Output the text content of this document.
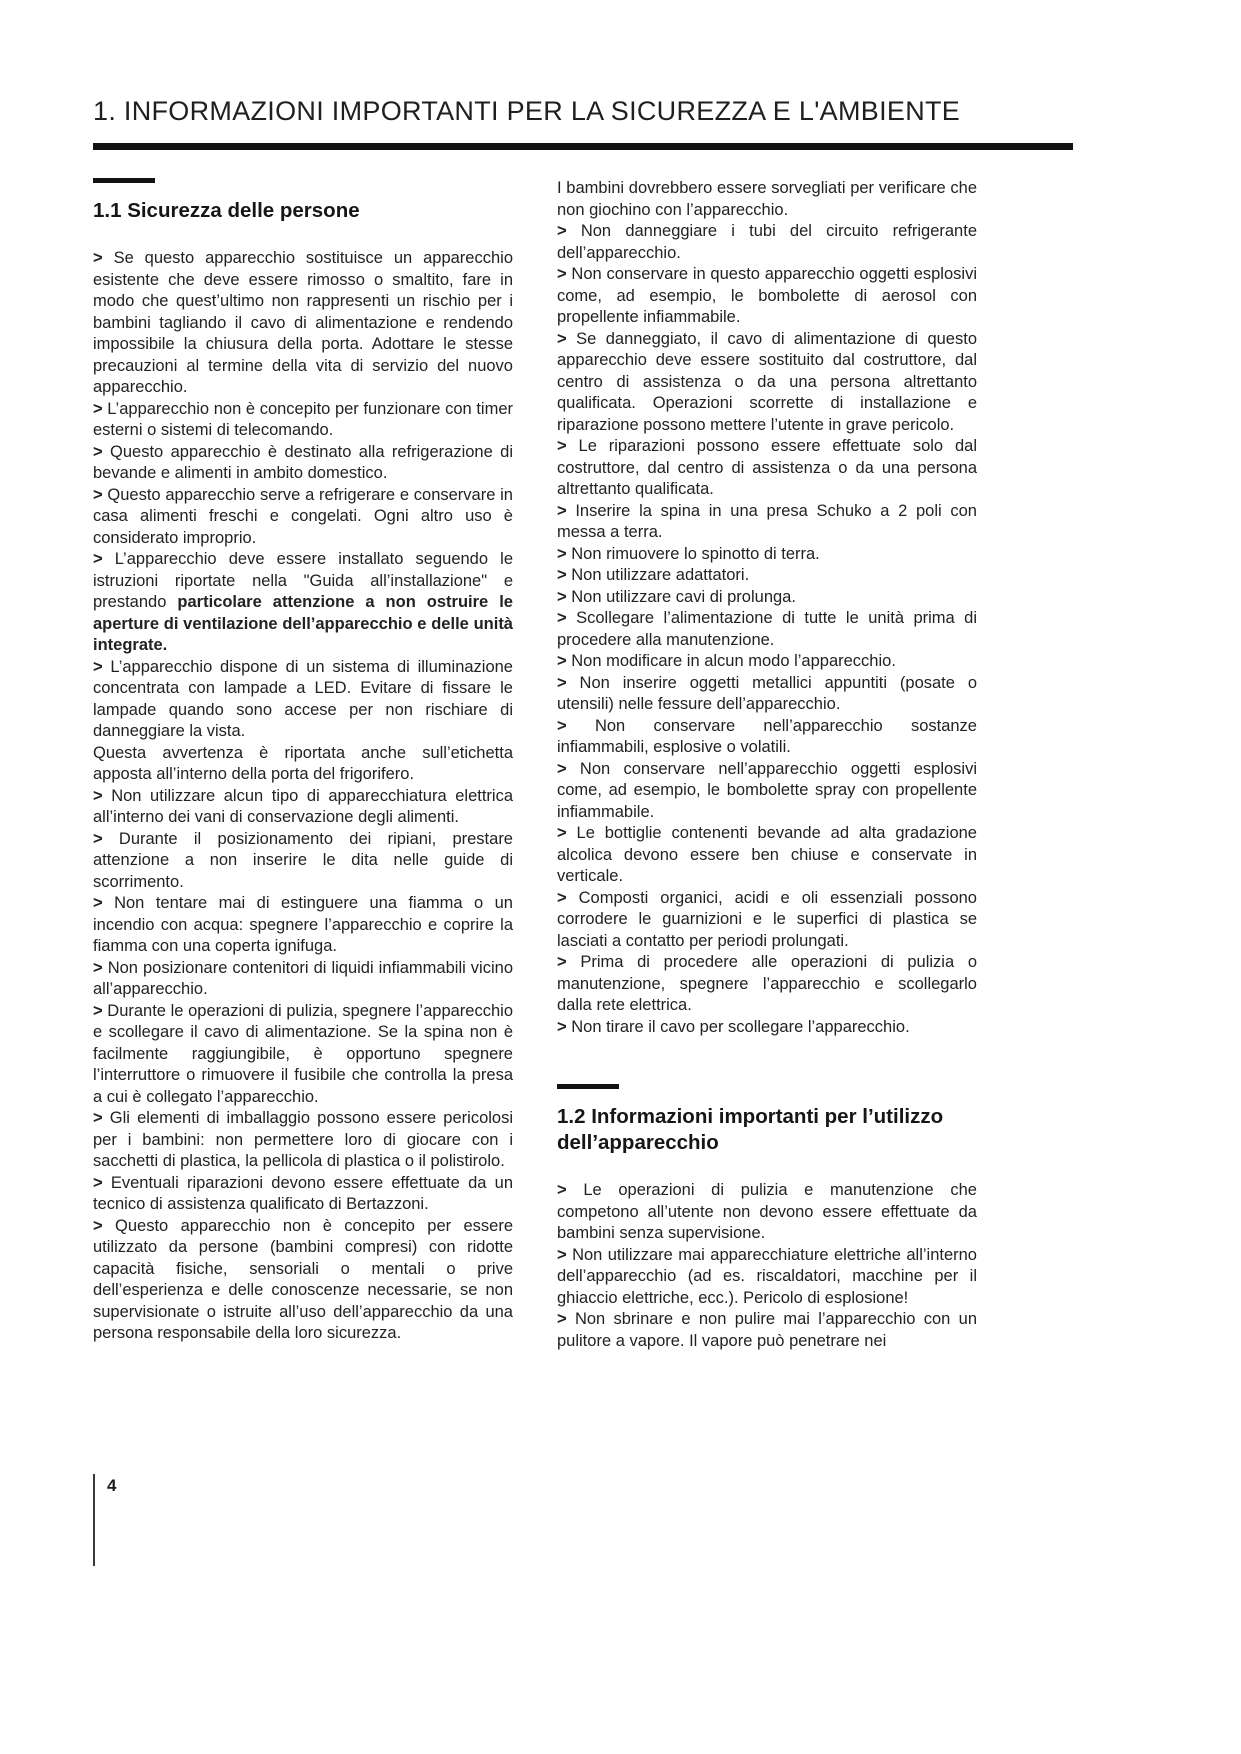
1. INFORMAZIONI IMPORTANTI PER LA SICUREZZA E L'AMBIENTE
1.1 Sicurezza delle persone

> Se questo apparecchio sostituisce un apparecchio esistente che deve essere rimosso o smaltito, fare in modo che quest’ultimo non rappresenti un rischio per i bambini tagliando il cavo di alimentazione e rendendo impossibile la chiusura della porta. Adottare le stesse precauzioni al termine della vita di servizio del nuovo apparecchio.

> L’apparecchio non è concepito per funzionare con timer esterni o sistemi di telecomando.

> Questo apparecchio è destinato alla refrigerazione di bevande e alimenti in ambito domestico.

> Questo apparecchio serve a refrigerare e conservare in casa alimenti freschi e congelati. Ogni altro uso è considerato improprio.

> L’apparecchio deve essere installato seguendo le istruzioni riportate nella "Guida all’installazione" e prestando particolare attenzione a non ostruire le aperture di ventilazione dell’apparecchio e delle unità integrate.

> L’apparecchio dispone di un sistema di illuminazione concentrata con lampade a LED. Evitare di fissare le lampade quando sono accese per non rischiare di danneggiare la vista.

Questa avvertenza è riportata anche sull’etichetta apposta all’interno della porta del frigorifero.

> Non utilizzare alcun tipo di apparecchiatura elettrica all’interno dei vani di conservazione degli alimenti.

> Durante il posizionamento dei ripiani, prestare attenzione a non inserire le dita nelle guide di scorrimento.

> Non tentare mai di estinguere una fiamma o un incendio con acqua: spegnere l’apparecchio e coprire la fiamma con una coperta ignifuga.

> Non posizionare contenitori di liquidi infiammabili vicino all’apparecchio.

> Durante le operazioni di pulizia, spegnere l’apparecchio e scollegare il cavo di alimentazione. Se la spina non è facilmente raggiungibile, è opportuno spegnere l’interruttore o rimuovere il fusibile che controlla la presa a cui è collegato l’apparecchio.

> Gli elementi di imballaggio possono essere pericolosi per i bambini: non permettere loro di giocare con i sacchetti di plastica, la pellicola di plastica o il polistirolo.

> Eventuali riparazioni devono essere effettuate da un tecnico di assistenza qualificato di Bertazzoni.

> Questo apparecchio non è concepito per essere utilizzato da persone (bambini compresi) con ridotte capacità fisiche, sensoriali o mentali o prive dell’esperienza e delle conoscenze necessarie, se non supervisionate o istruite all’uso dell’apparecchio da una persona responsabile della loro sicurezza.

I bambini dovrebbero essere sorvegliati per verificare che non giochino con l’apparecchio.

> Non danneggiare i tubi del circuito refrigerante dell’apparecchio.

> Non conservare in questo apparecchio oggetti esplosivi come, ad esempio, le bombolette di aerosol con propellente infiammabile.

> Se danneggiato, il cavo di alimentazione di questo apparecchio deve essere sostituito dal costruttore, dal centro di assistenza o da una persona altrettanto qualificata. Operazioni scorrette di installazione e riparazione possono mettere l’utente in grave pericolo.

> Le riparazioni possono essere effettuate solo dal costruttore, dal centro di assistenza o da una persona altrettanto qualificata.

> Inserire la spina in una presa Schuko a 2 poli con messa a terra.

> Non rimuovere lo spinotto di terra.

> Non utilizzare adattatori.

> Non utilizzare cavi di prolunga.

> Scollegare l’alimentazione di tutte le unità prima di procedere alla manutenzione.

> Non modificare in alcun modo l’apparecchio.

> Non inserire oggetti metallici appuntiti (posate o utensili) nelle fessure dell’apparecchio.

> Non conservare nell’apparecchio sostanze infiammabili, esplosive o volatili.

> Non conservare nell’apparecchio oggetti esplosivi come, ad esempio, le bombolette spray con propellente infiammabile.

> Le bottiglie contenenti bevande ad alta gradazione alcolica devono essere ben chiuse e conservate in verticale.

> Composti organici, acidi e oli essenziali possono corrodere le guarnizioni e le superfici di plastica se lasciati a contatto per periodi prolungati.

> Prima di procedere alle operazioni di pulizia o manutenzione, spegnere l’apparecchio e scollegarlo dalla rete elettrica.

> Non tirare il cavo per scollegare l’apparecchio.

1.2 Informazioni importanti per l’utilizzo dell’apparecchio

> Le operazioni di pulizia e manutenzione che competono all’utente non devono essere effettuate da bambini senza supervisione.

> Non utilizzare mai apparecchiature elettriche all’interno dell’apparecchio (ad es. riscaldatori, macchine per il ghiaccio elettriche, ecc.). Pericolo di esplosione!

> Non sbrinare e non pulire mai l’apparecchio con un pulitore a vapore. Il vapore può penetrare nei

4
